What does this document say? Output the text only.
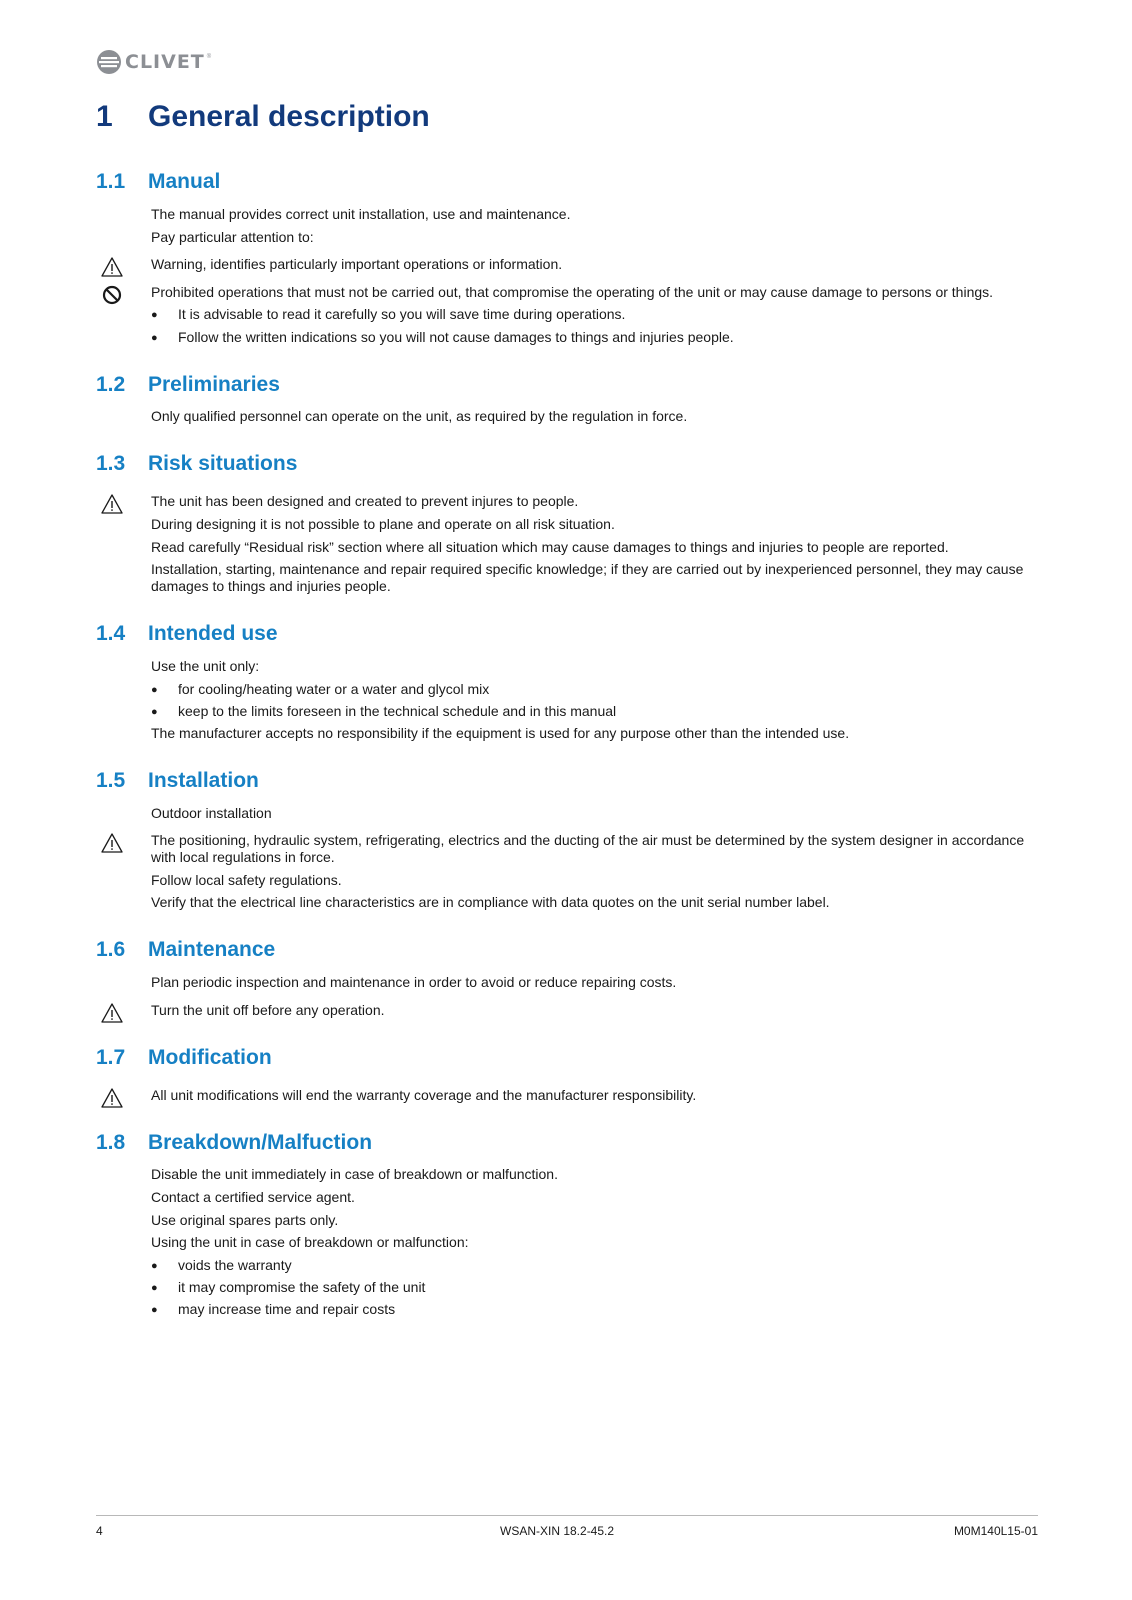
CLIVET ®
1	General description
1.1	Manual
The manual provides correct unit installation, use and maintenance.
Pay particular attention to:
Warning, identifies particularly important operations or information.
Prohibited operations that must not be carried out, that compromise the operating of the unit or may cause damage to persons or things.
●	It is advisable to read it carefully so you will save time during operations.
●	Follow the written indications so you will not cause damages to things and injuries people.
1.2	Preliminaries
Only qualified personnel can operate on the unit, as required by the regulation in force.
1.3	Risk situations
The unit has been designed and created to prevent injures to people.
During designing it is not possible to plane and operate on all risk situation.
Read carefully “Residual risk” section where all situation which may cause damages to things and injuries to people are reported.
Installation, starting, maintenance and repair required specific knowledge; if they are carried out by inexperienced personnel, they may cause damages to things and injuries people.
1.4	Intended use
Use the unit only:
●	for cooling/heating water or a water and glycol mix
●	keep to the limits foreseen in the technical schedule and in this manual
The manufacturer accepts no responsibility if the equipment is used for any purpose other than the intended use.
1.5	Installation
Outdoor installation
The positioning, hydraulic system, refrigerating, electrics and the ducting of the air must be determined by the system designer in accordance with local regulations in force.
Follow local safety regulations.
Verify that the electrical line characteristics are in compliance with data quotes on the unit serial number label.
1.6	Maintenance
Plan periodic inspection and maintenance in order to avoid or reduce repairing costs.
Turn the unit off before any operation.
1.7	Modification
All unit modifications will end the warranty coverage and the manufacturer responsibility.
1.8	Breakdown/Malfuction
Disable the unit immediately in case of breakdown or malfunction.
Contact a certified service agent.
Use original spares parts only.
Using the unit in case of breakdown or malfunction:
●	voids the warranty
●	it may compromise the safety of the unit
●	may increase time and repair costs
4	WSAN-XIN 18.2-45.2	M0M140L15-01
